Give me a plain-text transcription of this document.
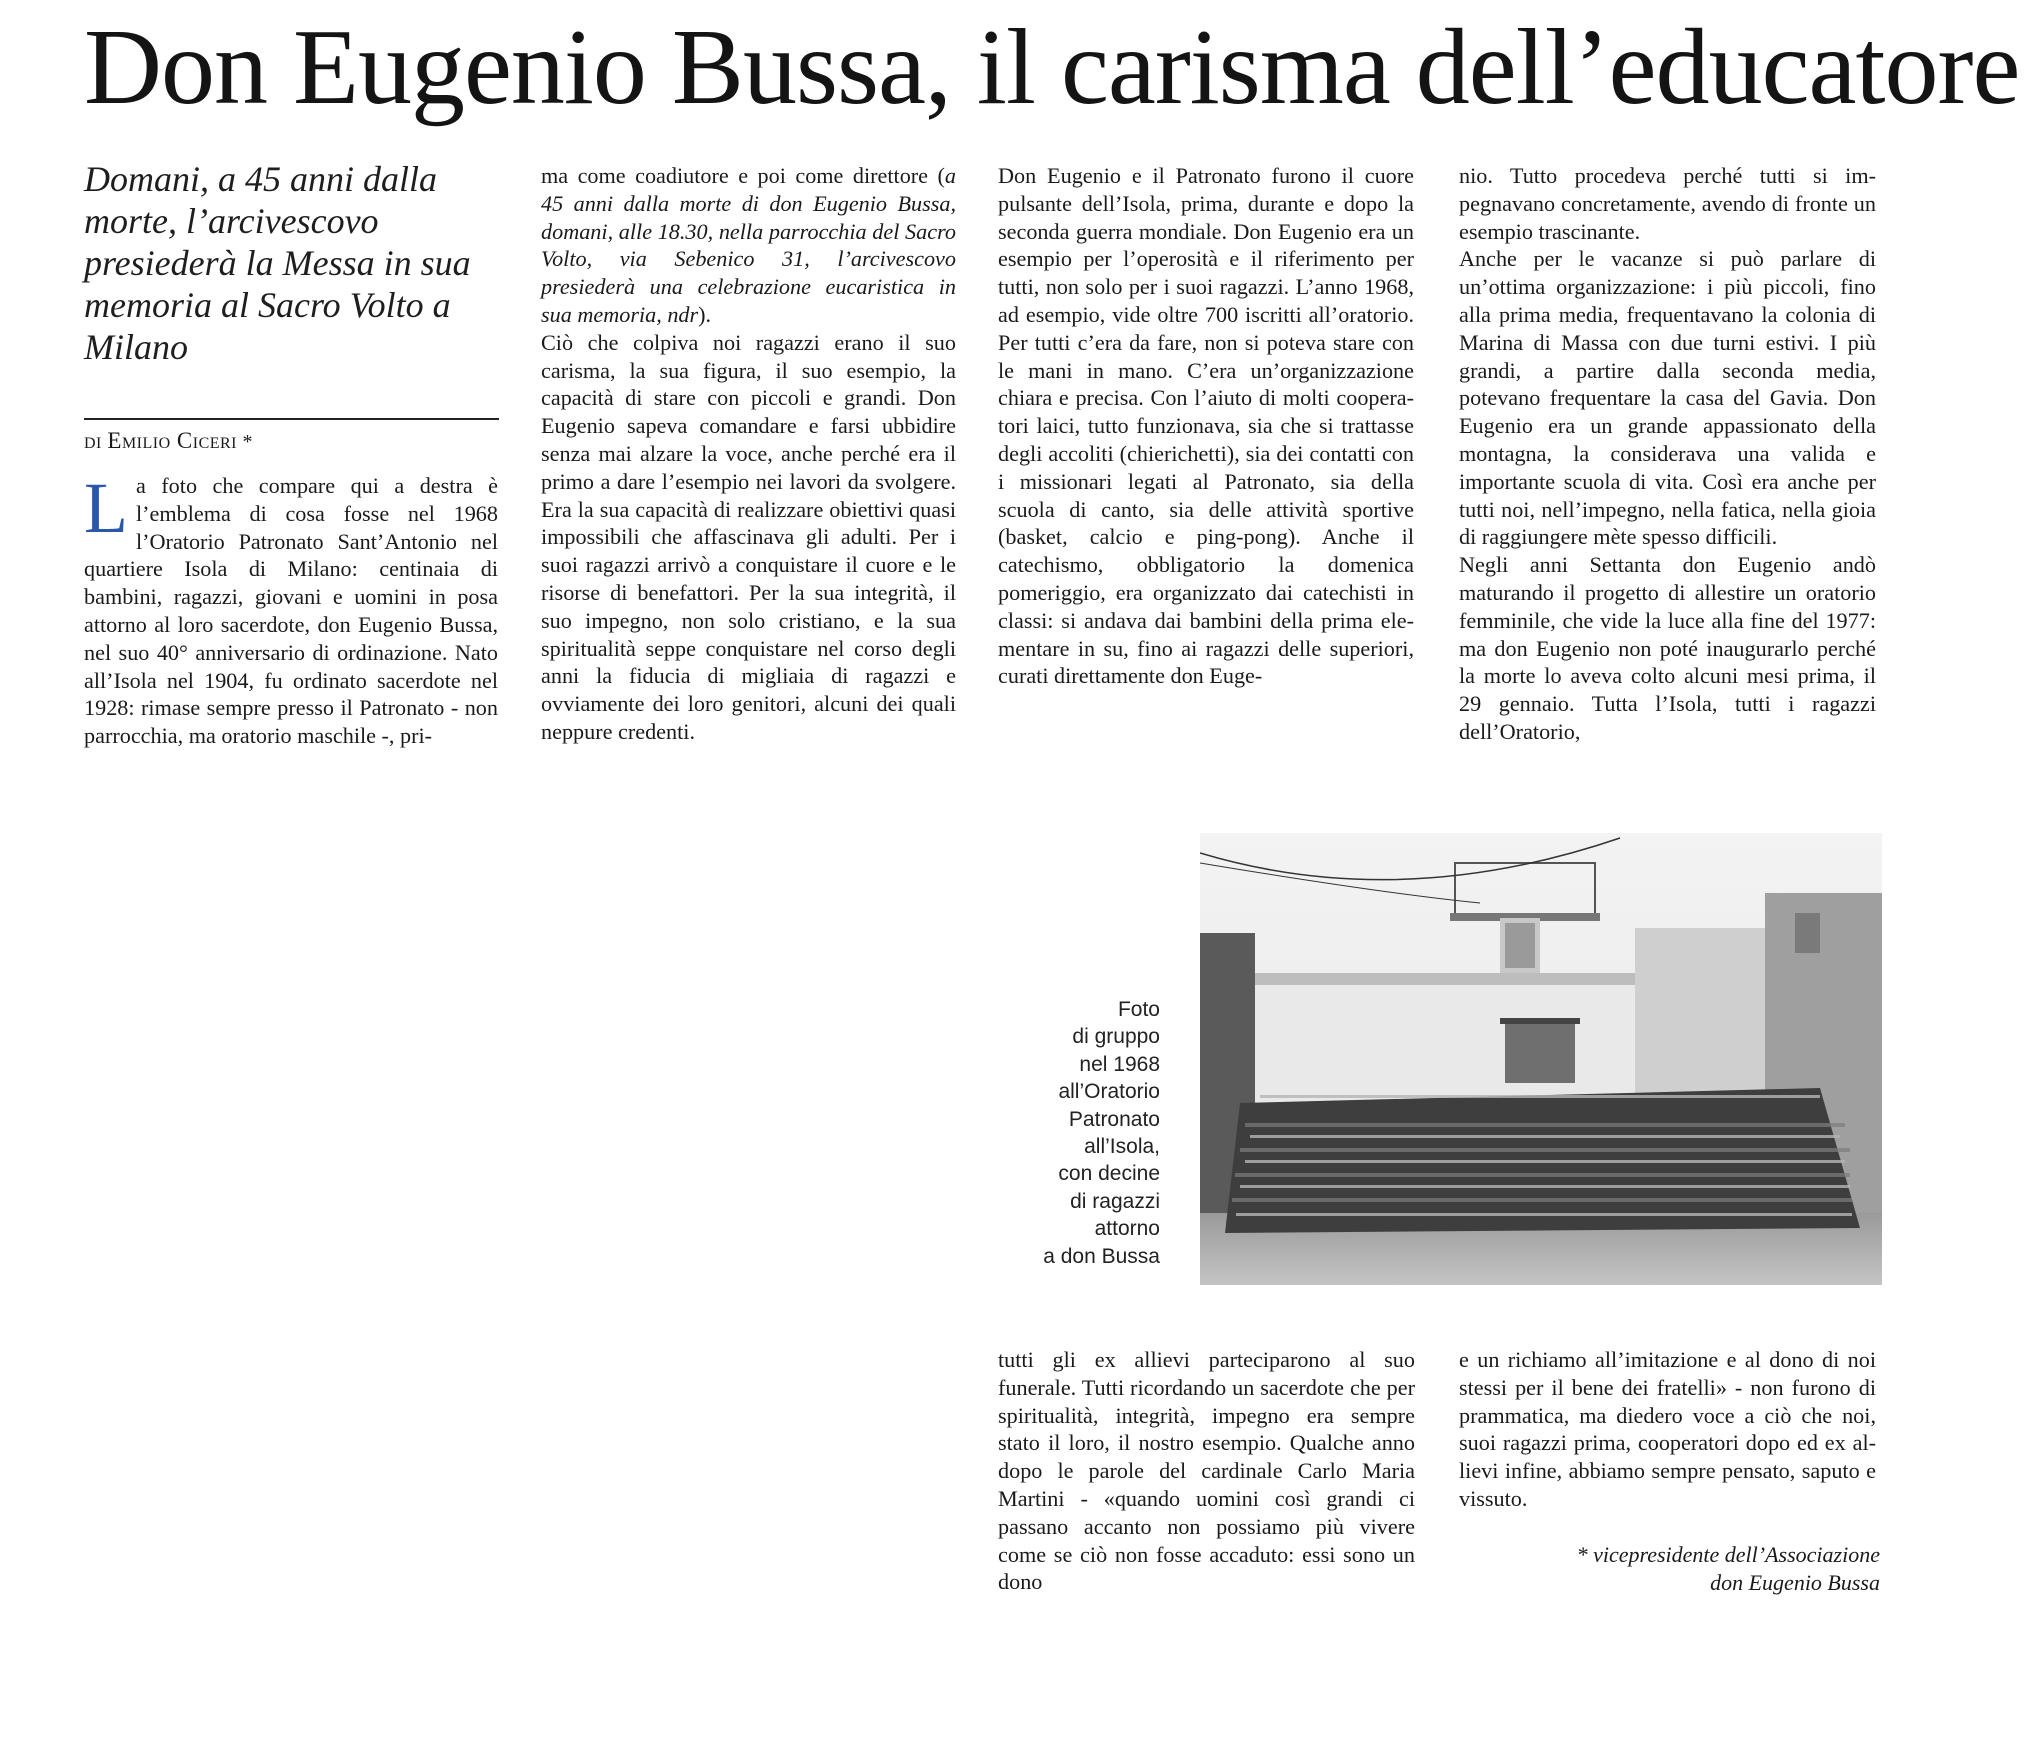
Don Eugenio Bussa, il carisma dell’educatore

Domani, a 45 anni dalla morte, l’arcivescovo presiederà la Messa in sua memoria al Sacro Volto a Milano

di Emilio Ciceri *

La foto che compare qui a destra è l’emblema di cosa fosse nel 1968 l’Oratorio Patronato Sant’Antonio nel quartiere Isola di Milano: centinaia di bambini, ragazzi, giovani e uomini in posa attorno al loro sacerdote, don Eugenio Bussa, nel suo 40° anniversario di ordinazione. Nato all’Isola nel 1904, fu ordinato sacerdote nel 1928: rimase sempre presso il Patronato - non parrocchia, ma oratorio maschile -, pri-

ma come coadiutore e poi come direttore (a 45 anni dalla morte di don Eugenio Bussa, domani, alle 18.30, nella parrocchia del Sacro Volto, via Sebenico 31, l’arcivescovo presiederà una celebrazione eucaristica in sua memoria, ndr).

Ciò che colpiva noi ragazzi erano il suo carisma, la sua figura, il suo esempio, la capacità di stare con piccoli e grandi. Don Eugenio sapeva comandare e farsi ubbidire senza mai alzare la voce, anche perché era il primo a dare l’esempio nei lavori da svolgere. Era la sua capacità di realizzare obiettivi quasi impossibili che affascinava gli adulti. Per i suoi ragazzi arrivò a conquistare il cuore e le risorse di benefattori. Per la sua integrità, il suo impegno, non solo cristiano, e la sua spiritualità seppe conquistare nel corso degli anni la fiducia di migliaia di ragazzi e ovviamente dei loro genitori, alcuni dei quali neppure credenti.

Don Eugenio e il Patronato furono il cuore pulsante dell’Isola, prima, durante e dopo la seconda guerra mondiale. Don Eugenio era un esempio per l’operosità e il riferimento per tutti, non solo per i suoi ragazzi. L’anno 1968, ad esempio, vide oltre 700 iscritti all’oratorio. Per tutti c’era da fare, non si poteva stare con le mani in mano. C’era un’organizzazione chiara e precisa. Con l’aiuto di molti cooperatori laici, tutto funzionava, sia che si trattasse degli accoliti (chierichetti), sia dei contatti con i missionari legati al Patronato, sia della scuola di canto, sia delle attività sportive (basket, calcio e ping-pong). Anche il catechismo, obbligatorio la domenica pomeriggio, era organizzato dai catechisti in classi: si andava dai bambini della prima elementare in su, fino ai ragazzi delle superiori, curati direttamente don Euge-

nio. Tutto procedeva perché tutti si impegnavano concretamente, avendo di fronte un esempio trascinante.

Anche per le vacanze si può parlare di un’ottima organizzazione: i più piccoli, fino alla prima media, frequentavano la colonia di Marina di Massa con due turni estivi. I più grandi, a partire dalla seconda media, potevano frequentare la casa del Gavia. Don Eugenio era un grande appassionato della montagna, la considerava una valida e importante scuola di vita. Così era anche per tutti noi, nell’impegno, nella fatica, nella gioia di raggiungere mète spesso difficili.

Negli anni Settanta don Eugenio andò maturando il progetto di allestire un oratorio femminile, che vide la luce alla fine del 1977: ma don Eugenio non poté inaugurarlo perché la morte lo aveva colto alcuni mesi prima, il 29 gennaio. Tutta l’Isola, tutti i ragazzi dell’Oratorio,

Foto
di gruppo
nel 1968
all’Oratorio
Patronato
all’Isola,
con decine
di ragazzi
attorno
a don Bussa

tutti gli ex allievi parteciparono al suo funerale. Tutti ricordando un sacerdote che per spiritualità, integrità, impegno era sempre stato il loro, il nostro esempio. Qualche anno dopo le parole del cardinale Carlo Maria Martini - «quando uomini così grandi ci passano accanto non possiamo più vivere come se ciò non fosse accaduto: essi sono un dono

e un richiamo all’imitazione e al dono di noi stessi per il bene dei fratelli» - non furono di prammatica, ma diedero voce a ciò che noi, suoi ragazzi prima, cooperatori dopo ed ex allievi infine, abbiamo sempre pensato, saputo e vissuto.

* vicepresidente dell’Associazione
don Eugenio Bussa
